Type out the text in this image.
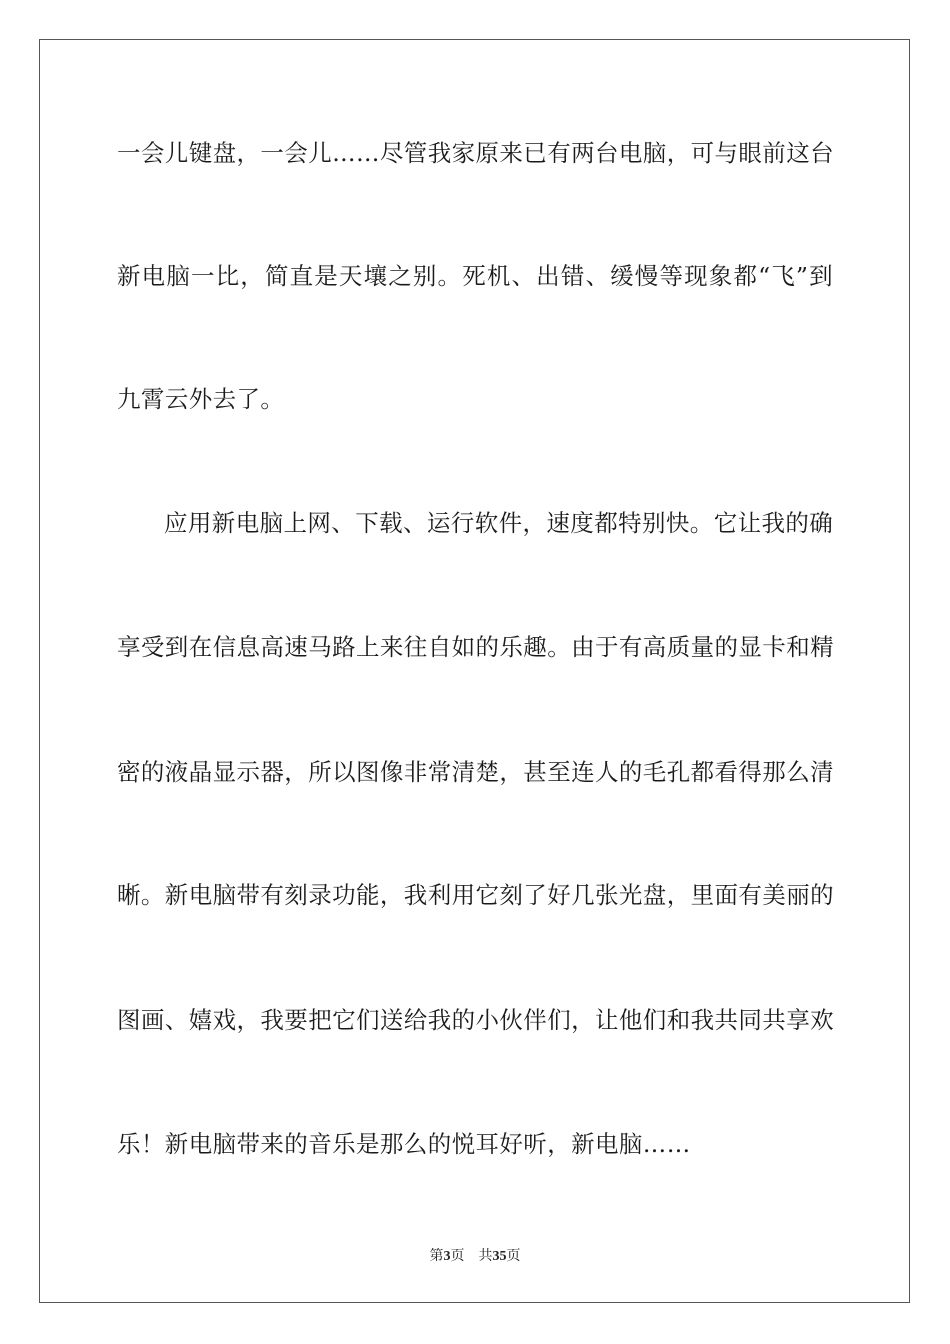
一会儿键盘，一会儿……尽管我家原来已有两台电脑，可与眼前这台
新电脑一比，简直是天壤之别。死机、出错、缓慢等现象都“飞”到
九霄云外去了。
应用新电脑上网、下载、运行软件，速度都特别快。它让我的确
享受到在信息高速马路上来往自如的乐趣。由于有高质量的显卡和精
密的液晶显示器，所以图像非常清楚，甚至连人的毛孔都看得那么清
晰。新电脑带有刻录功能，我利用它刻了好几张光盘，里面有美丽的
图画、嬉戏，我要把它们送给我的小伙伴们，让他们和我共同共享欢
乐！新电脑带来的音乐是那么的悦耳好听，新电脑……
第3页 共35页
